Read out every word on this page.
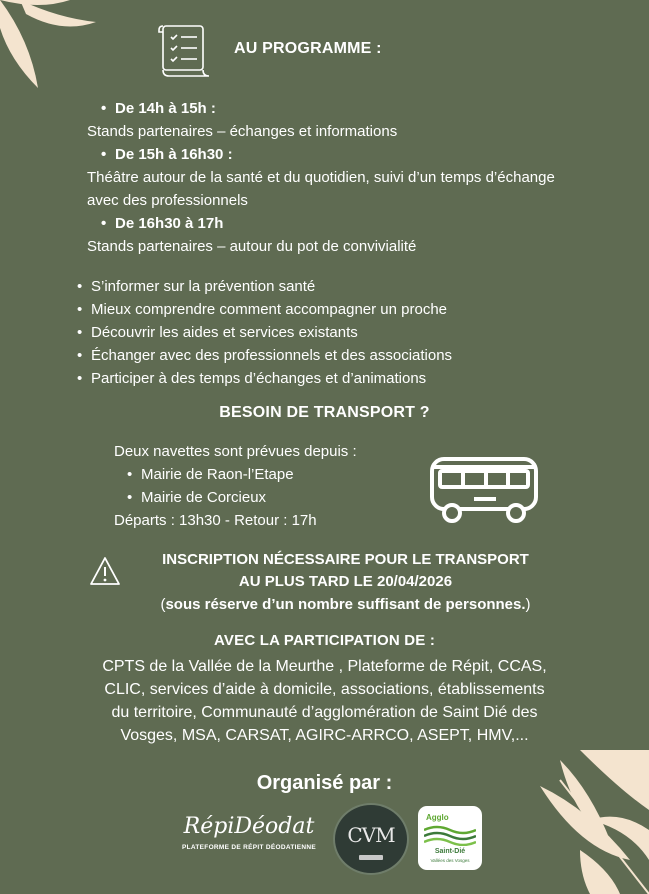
AU PROGRAMME :
• De 14h à 15h :
Stands partenaires – échanges et informations
• De 15h à 16h30 :
Théâtre autour de la santé et du quotidien, suivi d’un temps d’échange avec des professionnels
• De 16h30 à 17h
Stands partenaires – autour du pot de convivialité
• S’informer sur la prévention santé
• Mieux comprendre comment accompagner un proche
• Découvrir les aides et services existants
• Échanger avec des professionnels et des associations
• Participer à des temps d’échanges et d’animations
BESOIN DE TRANSPORT ?
Deux navettes sont prévues depuis :
• Mairie de Raon-l’Etape
• Mairie de Corcieux
Départs : 13h30 - Retour : 17h
INSCRIPTION NÉCESSAIRE POUR LE TRANSPORT
AU PLUS TARD LE 20/04/2026
(sous réserve d’un nombre suffisant de personnes.)
AVEC LA PARTICIPATION DE :
CPTS de la Vallée de la Meurthe , Plateforme de Répit, CCAS,
CLIC, services d’aide à domicile, associations, établissements
du territoire, Communauté d’agglomération de Saint Dié des
Vosges, MSA, CARSAT, AGIRC-ARRCO, ASEPT, HMV,...
Organisé par :
RépiDéodat
PLATEFORME DE RÉPIT DÉODATIENNE
CVM
Agglo
Saint-Dié
Vallées des Vosges
